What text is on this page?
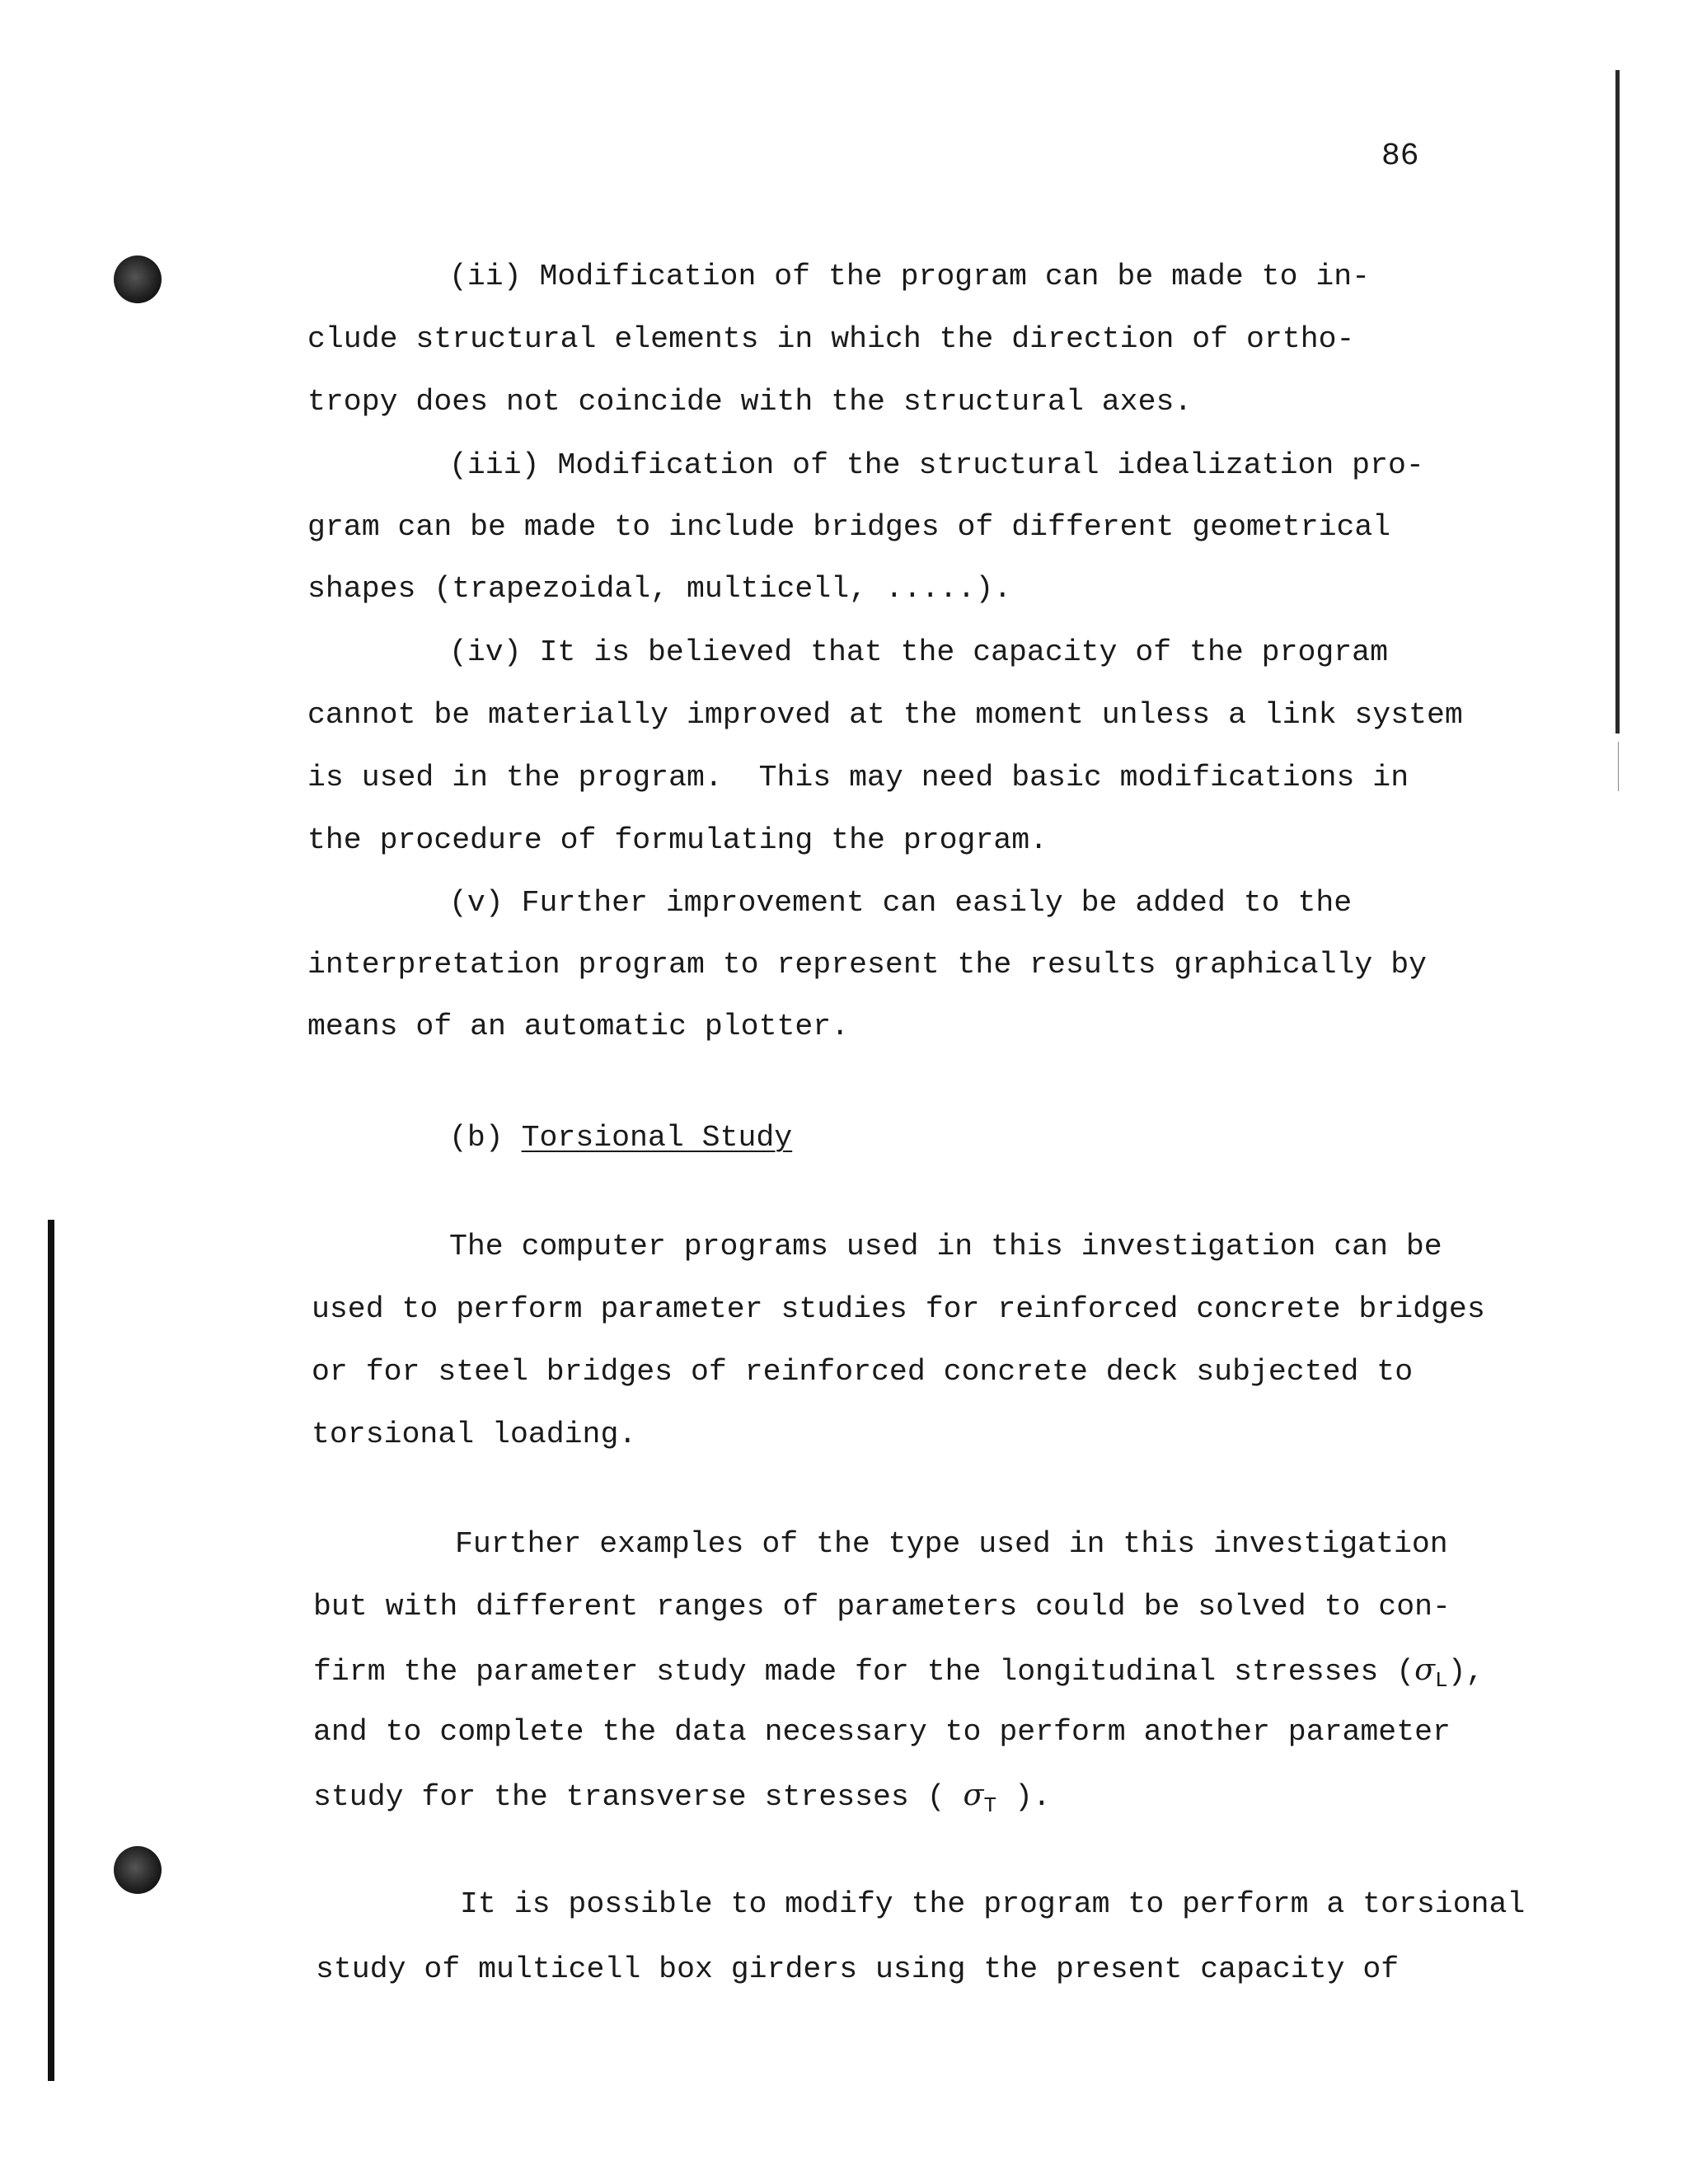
86
(ii) Modification of the program can be made to in-
clude structural elements in which the direction of ortho-
tropy does not coincide with the structural axes.
(iii) Modification of the structural idealization pro-
gram can be made to include bridges of different geometrical
shapes (trapezoidal, multicell, .....).
(iv) It is believed that the capacity of the program
cannot be materially improved at the moment unless a link system
is used in the program.  This may need basic modifications in
the procedure of formulating the program.
(v) Further improvement can easily be added to the
interpretation program to represent the results graphically by
means of an automatic plotter.
(b) Torsional Study
The computer programs used in this investigation can be
used to perform parameter studies for reinforced concrete bridges
or for steel bridges of reinforced concrete deck subjected to
torsional loading.
Further examples of the type used in this investigation
but with different ranges of parameters could be solved to con-
firm the parameter study made for the longitudinal stresses $(\sigma_L)$,
and to complete the data necessary to perform another parameter
study for the transverse stresses ( $\sigma_T$ ).
It is possible to modify the program to perform a torsional
study of multicell box girders using the present capacity of
